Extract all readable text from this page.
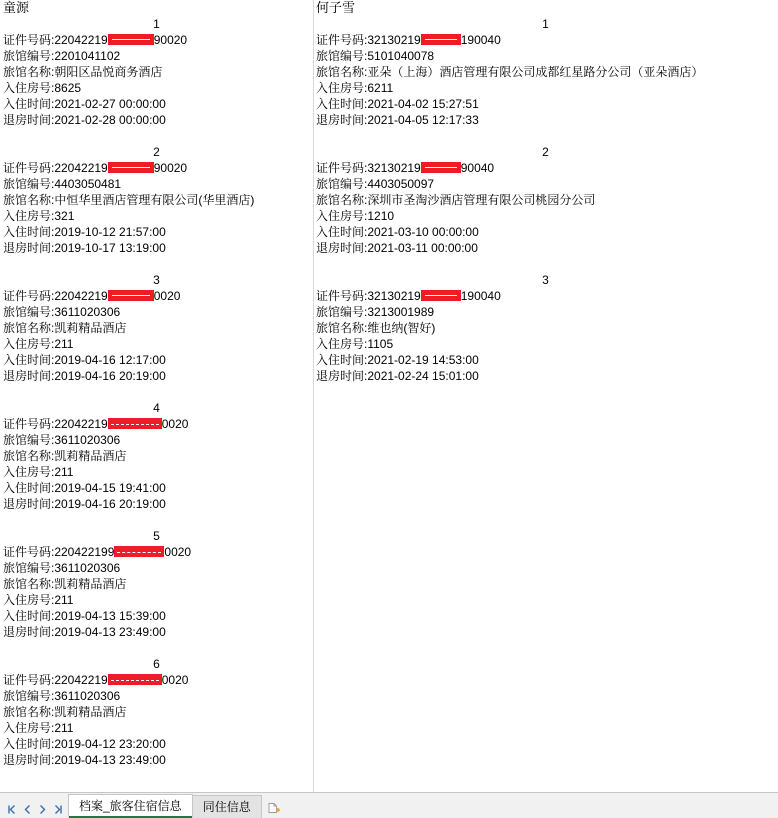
童源
1
证件号码:22042219	90020
旅馆编号:2201041102
旅馆名称:朝阳区品悦商务酒店
入住房号:8625
入住时间:2021-02-27 00:00:00
退房时间:2021-02-28 00:00:00

2
证件号码:22042219	90020
旅馆编号:4403050481
旅馆名称:中恒华里酒店管理有限公司(华里酒店)
入住房号:321
入住时间:2019-10-12 21:57:00
退房时间:2019-10-17 13:19:00

3
证件号码:22042219	0020
旅馆编号:3611020306
旅馆名称:凯莉精品酒店
入住房号:211
入住时间:2019-04-16 12:17:00
退房时间:2019-04-16 20:19:00

4
证件号码:22042219	0020
旅馆编号:3611020306
旅馆名称:凯莉精品酒店
入住房号:211
入住时间:2019-04-15 19:41:00
退房时间:2019-04-16 20:19:00

5
证件号码:220422199	0020
旅馆编号:3611020306
旅馆名称:凯莉精品酒店
入住房号:211
入住时间:2019-04-13 15:39:00
退房时间:2019-04-13 23:49:00

6
证件号码:22042219	0020
旅馆编号:3611020306
旅馆名称:凯莉精品酒店
入住房号:211
入住时间:2019-04-12 23:20:00
退房时间:2019-04-13 23:49:00
何子雪
1
证件号码:32130219	190040
旅馆编号:5101040078
旅馆名称:亚朵（上海）酒店管理有限公司成都红星路分公司（亚朵酒店）
入住房号:6211
入住时间:2021-04-02 15:27:51
退房时间:2021-04-05 12:17:33

2
证件号码:32130219	90040
旅馆编号:4403050097
旅馆名称:深圳市圣淘沙酒店管理有限公司桃园分公司
入住房号:1210
入住时间:2021-03-10 00:00:00
退房时间:2021-03-11 00:00:00

3
证件号码:32130219	190040
旅馆编号:3213001989
旅馆名称:维也纳(智好)
入住房号:1105
入住时间:2021-02-19 14:53:00
退房时间:2021-02-24 15:01:00
档案_旅客住宿信息	同住信息
